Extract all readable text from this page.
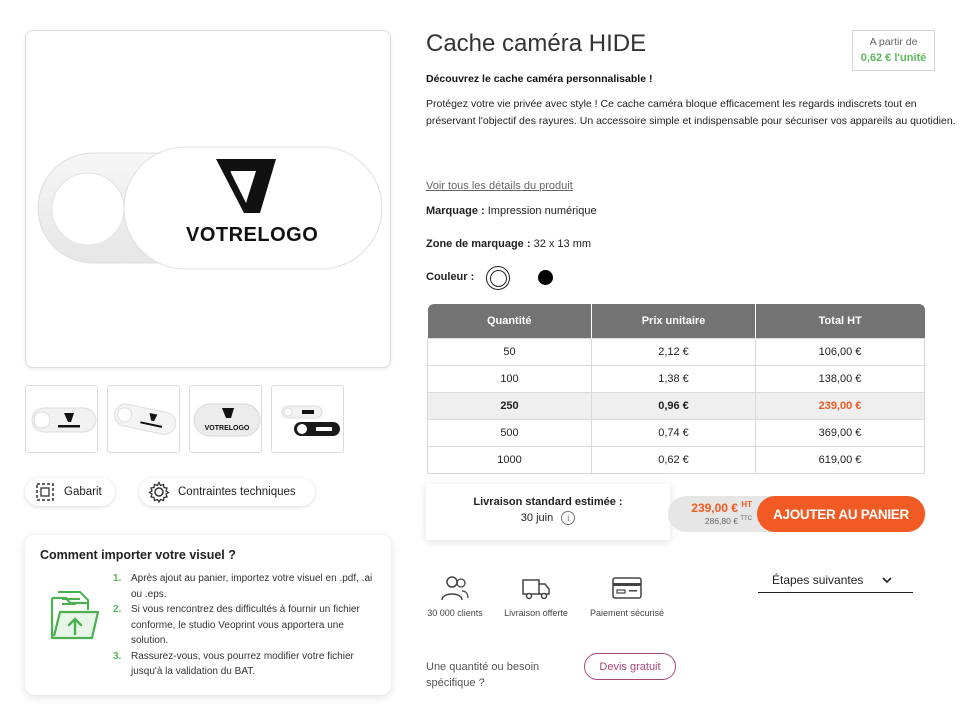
VOTRELOGO
VOTRELOGO
Gabarit	Contraintes techniques
Comment importer votre visuel ?
1. Après ajout au panier, importez votre visuel en .pdf, .ai ou .eps.
2. Si vous rencontrez des difficultés à fournir un fichier conforme, le studio Veoprint vous apportera une solution.
3. Rassurez-vous, vous pourrez modifier votre fichier jusqu'à la validation du BAT.
Cache caméra HIDE	A partir de
0,62 € l'unité
Découvrez le cache caméra personnalisable !
Protégez votre vie privée avec style ! Ce cache caméra bloque efficacement les regards indiscrets tout en préservant l'objectif des rayures. Un accessoire simple et indispensable pour sécuriser vos appareils au quotidien.
Voir tous les détails du produit
Marquage : Impression numérique
Zone de marquage : 32 x 13 mm
Couleur :
Quantité	Prix unitaire	Total HT
50	2,12 €	106,00 €
100	1,38 €	138,00 €
250	0,96 €	239,00 €
500	0,74 €	369,00 €
1000	0,62 €	619,00 €
Livraison standard estimée :
30 juin	i
239,00 € $^{HT}$
286,80 € $^{TTC}$	AJOUTER AU PANIER
30 000 clients	Livraison offerte	Paiement sécurisé
Étapes suivantes
Une quantité ou besoin spécifique ?
Devis gratuit
